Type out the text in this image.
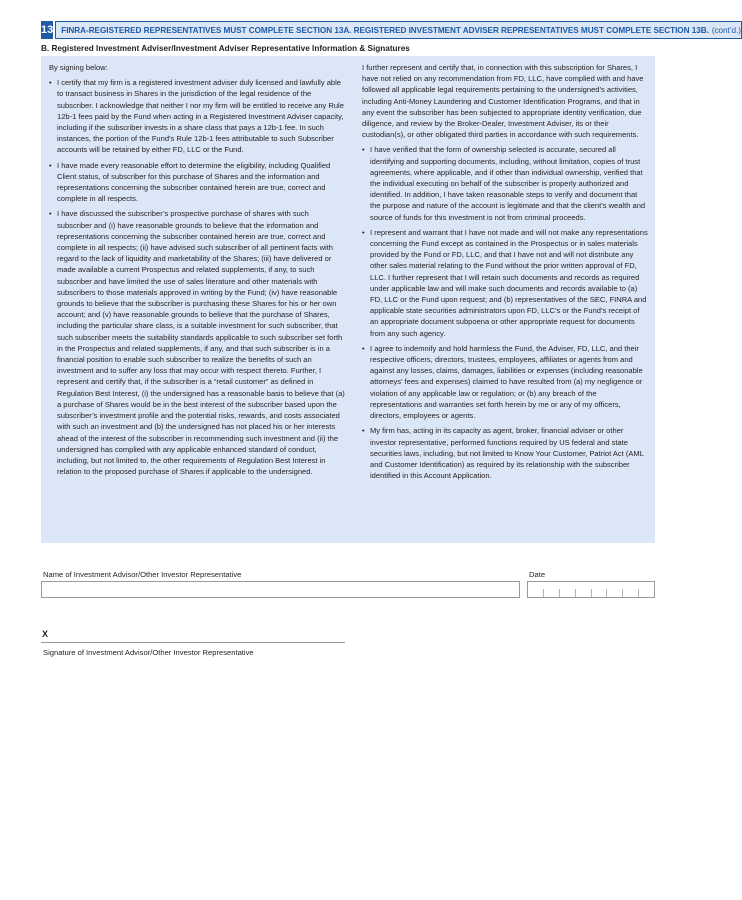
13 FINRA-REGISTERED REPRESENTATIVES MUST COMPLETE SECTION 13A. REGISTERED INVESTMENT ADVISER REPRESENTATIVES MUST COMPLETE SECTION 13B. (cont’d.)
B. Registered Investment Adviser/Investment Adviser Representative Information & Signatures

By signing below:

• I certify that my firm is a registered investment adviser duly licensed and lawfully able to transact business in Shares in the jurisdiction of the legal residence of the subscriber. I acknowledge that neither I nor my firm will be entitled to receive any Rule 12b-1 fees paid by the Fund when acting in a Registered Investment Adviser capacity, including if the subscriber invests in a share class that pays a 12b-1 fee. In such instances, the portion of the Fund’s Rule 12b-1 fees attributable to such Subscriber accounts will be retained by either FD, LLC or the Fund.
• I have made every reasonable effort to determine the eligibility, including Qualified Client status, of subscriber for this purchase of Shares and the information and representations concerning the subscriber contained herein are true, correct and complete in all respects.
• I have discussed the subscriber’s prospective purchase of shares with such subscriber and (i) have reasonable grounds to believe that the information and representations concerning the subscriber contained herein are true, correct and complete in all respects; (ii) have advised such subscriber of all pertinent facts with regard to the lack of liquidity and marketability of the Shares; (iii) have delivered or made available a current Prospectus and related supplements, if any, to such subscriber and have limited the use of sales literature and other materials with subscribers to those materials approved in writing by the Fund; (iv) have reasonable grounds to believe that the subscriber is purchasing these Shares for his or her own account; and (v) have reasonable grounds to believe that the purchase of Shares, including the particular share class, is a suitable investment for such subscriber, that such subscriber meets the suitability standards applicable to such subscriber set forth in the Prospectus and related supplements, if any, and that such subscriber is in a financial position to enable such subscriber to realize the benefits of such an investment and to suffer any loss that may occur with respect thereto. Further, I represent and certify that, if the subscriber is a “retail customer” as defined in Regulation Best Interest, (i) the undersigned has a reasonable basis to believe that (a) a purchase of Shares would be in the best interest of the subscriber based upon the subscriber’s investment profile and the potential risks, rewards, and costs associated with such an investment and (b) the undersigned has not placed his or her interests ahead of the interest of the subscriber in recommending such investment and (ii) the undersigned has complied with any applicable enhanced standard of conduct, including, but not limited to, the other requirements of Regulation Best Interest in relation to the proposed purchase of Shares if applicable to the undersigned.

I further represent and certify that, in connection with this subscription for Shares, I have not relied on any recommendation from FD, LLC, have complied with and have followed all applicable legal requirements pertaining to the undersigned’s activities, including Anti-Money Laundering and Customer Identification Programs, and that in any event the subscriber has been subjected to appropriate identity verification, due diligence, and review by the Broker-Dealer, Investment Adviser, its or their custodian(s), or other obligated third parties in accordance with such requirements.

• I have verified that the form of ownership selected is accurate, secured all identifying and supporting documents, including, without limitation, copies of trust agreements, where applicable, and if other than individual ownership, verified that the individual executing on behalf of the subscriber is properly authorized and identified. In addition, I have taken reasonable steps to verify and document that the purpose and nature of the account is legitimate and that the client’s wealth and source of funds for this investment is not from criminal proceeds.
• I represent and warrant that I have not made and will not make any representations concerning the Fund except as contained in the Prospectus or in sales materials provided by the Fund or FD, LLC, and that I have not and will not distribute any other sales material relating to the Fund without the prior written approval of FD, LLC. I further represent that I will retain such documents and records as required under applicable law and will make such documents and records available to (a) FD, LLC or the Fund upon request; and (b) representatives of the SEC, FINRA and applicable state securities administrators upon FD, LLC’s or the Fund’s receipt of an appropriate document subpoena or other appropriate request for documents from any such agency.
• I agree to indemnify and hold harmless the Fund, the Adviser, FD, LLC, and their respective officers, directors, trustees, employees, affiliates or agents from and against any losses, claims, damages, liabilities or expenses (including reasonable attorneys’ fees and expenses) claimed to have resulted from (a) my negligence or violation of any applicable law or regulation; or (b) any breach of the representations and warranties set forth herein by me or any of my officers, directors, employees or agents.
• My firm has, acting in its capacity as agent, broker, financial adviser or other investor representative, performed functions required by US federal and state securities laws, including, but not limited to Know Your Customer, Patriot Act (AML and Customer Identification) as required by its relationship with the subscriber identified in this Account Application.
Name of Investment Advisor/Other Investor Representative	Date
X
Signature of Investment Advisor/Other Investor Representative
